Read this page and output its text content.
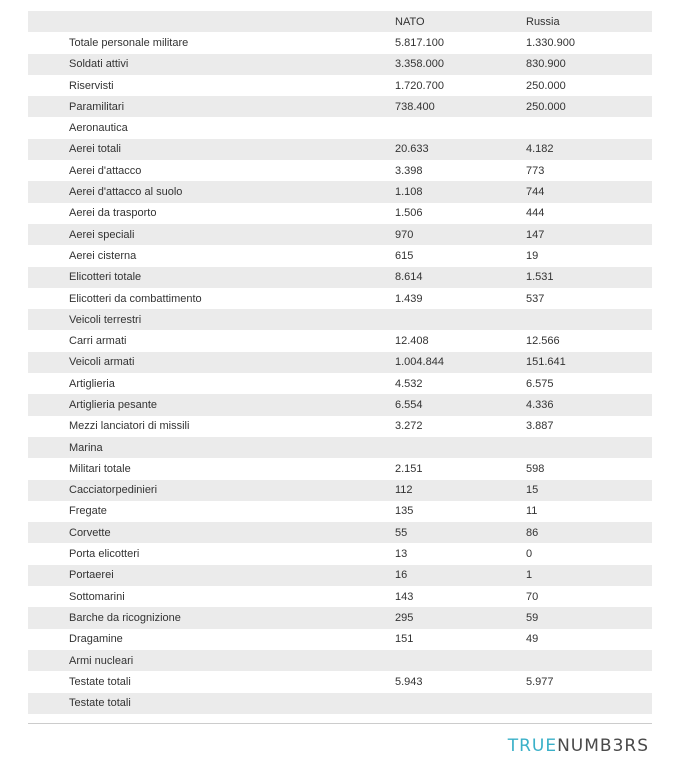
NATO	Russia
Totale personale militare	5.817.100	1.330.900
Soldati attivi	3.358.000	830.900
Riservisti	1.720.700	250.000
Paramilitari	738.400	250.000
Aeronautica
Aerei totali	20.633	4.182
Aerei d'attacco	3.398	773
Aerei d'attacco al suolo	1.108	744
Aerei da trasporto	1.506	444
Aerei speciali	970	147
Aerei cisterna	615	19
Elicotteri totale	8.614	1.531
Elicotteri da combattimento	1.439	537
Veicoli terrestri
Carri armati	12.408	12.566
Veicoli armati	1.004.844	151.641
Artiglieria	4.532	6.575
Artiglieria pesante	6.554	4.336
Mezzi lanciatori di missili	3.272	3.887
Marina
Militari totale	2.151	598
Cacciatorpedinieri	112	15
Fregate	135	11
Corvette	55	86
Porta elicotteri	13	0
Portaerei	16	1
Sottomarini	143	70
Barche da ricognizione	295	59
Dragamine	151	49
Armi nucleari
Testate totali	5.943	5.977
Testate totali
TRUENUMB3RS
